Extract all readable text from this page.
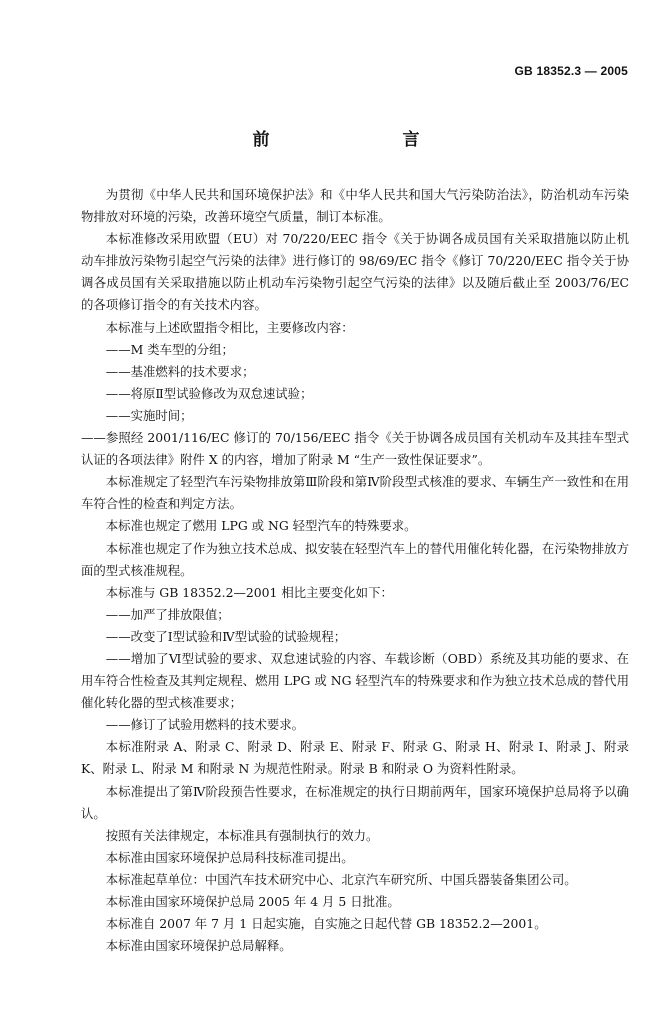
GB 18352.3 — 2005
前　言

为贯彻《中华人民共和国环境保护法》和《中华人民共和国大气污染防治法》，防治机动车污染物排放对环境的污染，改善环境空气质量，制订本标准。

本标准修改采用欧盟（EU）对 70/220/EEC 指令《关于协调各成员国有关采取措施以防止机动车排放污染物引起空气污染的法律》进行修订的 98/69/EC 指令《修订 70/220/EEC 指令关于协调各成员国有关采取措施以防止机动车污染物引起空气污染的法律》以及随后截止至 2003/76/EC 的各项修订指令的有关技术内容。

本标准与上述欧盟指令相比，主要修改内容：

——M 类车型的分组；

——基准燃料的技术要求；

——将原Ⅱ型试验修改为双怠速试验；

——实施时间；

——参照经 2001/116/EC 修订的 70/156/EEC 指令《关于协调各成员国有关机动车及其挂车型式认证的各项法律》附件 X 的内容，增加了附录 M “生产一致性保证要求”。

本标准规定了轻型汽车污染物排放第Ⅲ阶段和第Ⅳ阶段型式核准的要求、车辆生产一致性和在用车符合性的检查和判定方法。

本标准也规定了燃用 LPG 或 NG 轻型汽车的特殊要求。

本标准也规定了作为独立技术总成、拟安装在轻型汽车上的替代用催化转化器，在污染物排放方面的型式核准规程。

本标准与 GB 18352.2—2001 相比主要变化如下：

——加严了排放限值；

——改变了Ⅰ型试验和Ⅳ型试验的试验规程；

——增加了Ⅵ型试验的要求、双怠速试验的内容、车载诊断（OBD）系统及其功能的要求、在用车符合性检查及其判定规程、燃用 LPG 或 NG 轻型汽车的特殊要求和作为独立技术总成的替代用催化转化器的型式核准要求；

——修订了试验用燃料的技术要求。

本标准附录 A、附录 C、附录 D、附录 E、附录 F、附录 G、附录 H、附录 I、附录 J、附录 K、附录 L、附录 M 和附录 N 为规范性附录。附录 B 和附录 O 为资料性附录。

本标准提出了第Ⅳ阶段预告性要求，在标准规定的执行日期前两年，国家环境保护总局将予以确认。

按照有关法律规定，本标准具有强制执行的效力。

本标准由国家环境保护总局科技标准司提出。

本标准起草单位：中国汽车技术研究中心、北京汽车研究所、中国兵器装备集团公司。

本标准由国家环境保护总局 2005 年 4 月 5 日批准。

本标准自 2007 年 7 月 1 日起实施，自实施之日起代替 GB 18352.2—2001。

本标准由国家环境保护总局解释。
